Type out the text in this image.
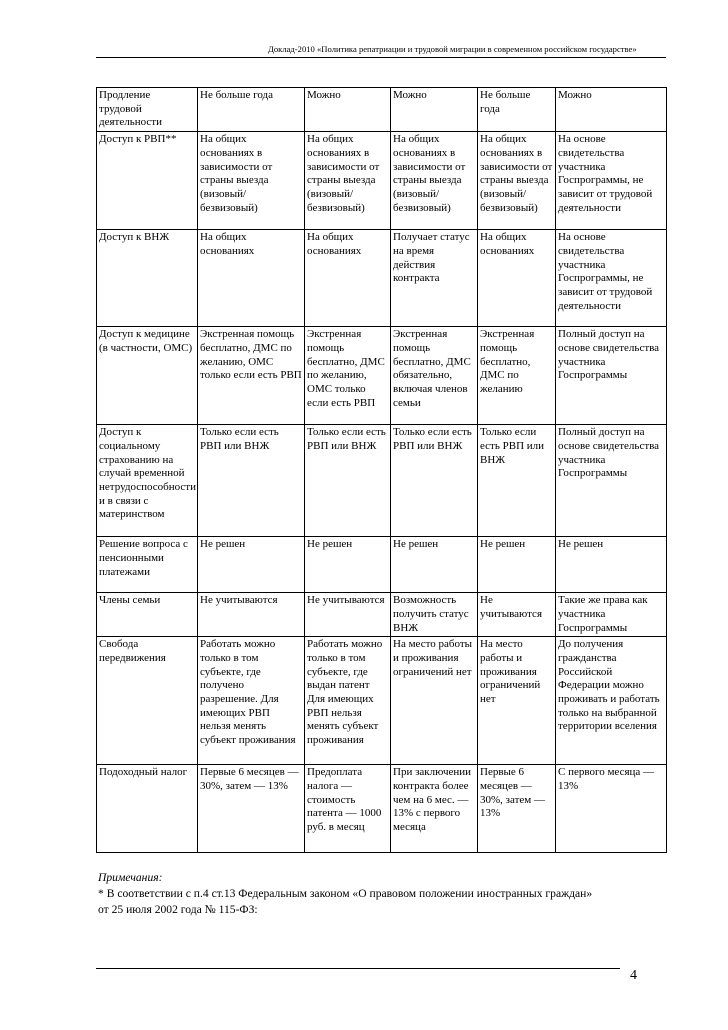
Доклад-2010 «Политика репатриации и трудовой миграции в современном российском государстве»
Продление трудовой деятельности	Не больше года	Можно	Можно	Не больше года	Можно
Доступ к РВП**	На общих основаниях в зависимости от страны выезда (визовый/безвизовый)	На общих основаниях в зависимости от страны выезда (визовый/безвизовый)	На общих основаниях в зависимости от страны выезда (визовый/безвизовый)	На общих основаниях в зависимости от страны выезда (визовый/безвизовый)	На основе свидетельства участника Госпрограммы, не зависит от трудовой деятельности
Доступ к ВНЖ	На общих основаниях	На общих основаниях	Получает статус на время действия контракта	На общих основаниях	На основе свидетельства участника Госпрограммы, не зависит от трудовой деятельности
Доступ к медицине (в частности, ОМС)	Экстренная помощь бесплатно, ДМС по желанию, ОМС только если есть РВП	Экстренная помощь бесплатно, ДМС по желанию, ОМС только если есть РВП	Экстренная помощь бесплатно, ДМС обязательно, включая членов семьи	Экстренная помощь бесплатно, ДМС по желанию	Полный доступ на основе свидетельства участника Госпрограммы
Доступ к социальному страхованию на случай временной нетрудоспособности и в связи с материнством	Только если есть РВП или ВНЖ	Только если есть РВП или ВНЖ	Только если есть РВП или ВНЖ	Только если есть РВП или ВНЖ	Полный доступ на основе свидетельства участника Госпрограммы
Решение вопроса с пенсионными платежами	Не решен	Не решен	Не решен	Не решен	Не решен
Члены семьи	Не учитываются	Не учитываются	Возможность получить статус ВНЖ	Не учитываются	Такие же права как участника Госпрограммы
Свобода передвижения	Работать можно только в том субъекте, где получено разрешение. Для имеющих РВП нельзя менять субъект проживания	Работать можно только в том субъекте, где выдан патент Для имеющих РВП нельзя менять субъект проживания	На место работы и проживания ограничений нет	На место работы и проживания ограничений нет	До получения гражданства Российской Федерации можно проживать и работать только на выбранной территории вселения
Подоходный налог	Первые 6 месяцев — 30%, затем — 13%	Предоплата налога — стоимость патента — 1000 руб. в месяц	При заключении контракта более чем на 6 мес. — 13% с первого месяца	Первые 6 месяцев — 30%, затем — 13%	С первого месяца — 13%
Примечания:
* В соответствии с п.4 ст.13 Федеральным законом «О правовом положении иностранных граждан»
от 25 июля 2002 года № 115-ФЗ:
4
